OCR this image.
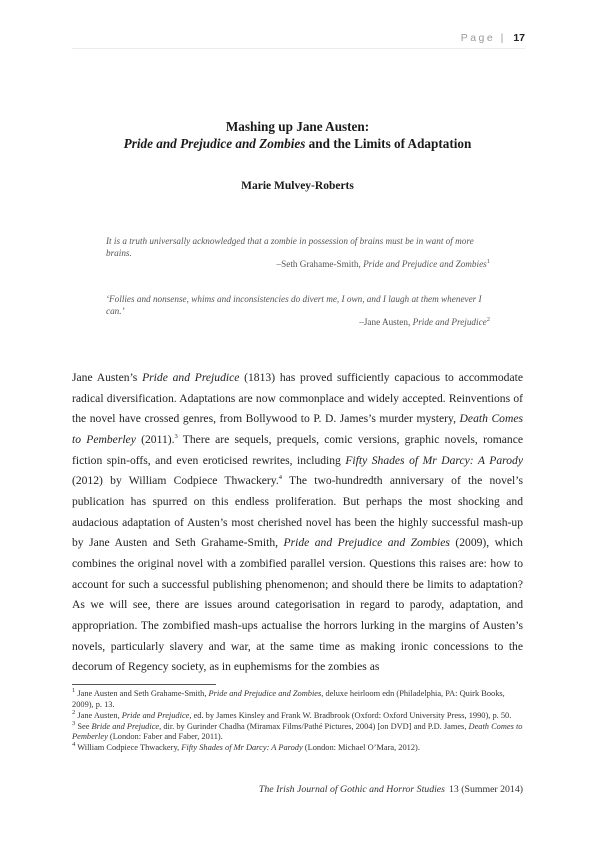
Page | 17
Mashing up Jane Austen:
Pride and Prejudice and Zombies and the Limits of Adaptation
Marie Mulvey-Roberts
It is a truth universally acknowledged that a zombie in possession of brains must be in want of more brains.
–Seth Grahame-Smith, Pride and Prejudice and Zombies$^1$
‘Follies and nonsense, whims and inconsistencies do divert me, I own, and I laugh at them whenever I can.’
–Jane Austen, Pride and Prejudice$^2$

Jane Austen’s Pride and Prejudice (1813) has proved sufficiently capacious to accommodate radical diversification. Adaptations are now commonplace and widely accepted. Reinventions of the novel have crossed genres, from Bollywood to P. D. James’s murder mystery, Death Comes to Pemberley (2011).$^3$ There are sequels, prequels, comic versions, graphic novels, romance fiction spin-offs, and even eroticised rewrites, including Fifty Shades of Mr Darcy: A Parody (2012) by William Codpiece Thwackery.$^4$ The two-hundredth anniversary of the novel’s publication has spurred on this endless proliferation. But perhaps the most shocking and audacious adaptation of Austen’s most cherished novel has been the highly successful mash-up by Jane Austen and Seth Grahame-Smith, Pride and Prejudice and Zombies (2009), which combines the original novel with a zombified parallel version. Questions this raises are: how to account for such a successful publishing phenomenon; and should there be limits to adaptation? As we will see, there are issues around categorisation in regard to parody, adaptation, and appropriation. The zombified mash-ups actualise the horrors lurking in the margins of Austen’s novels, particularly slavery and war, at the same time as making ironic concessions to the decorum of Regency society, as in euphemisms for the zombies as

$^1$ Jane Austen and Seth Grahame-Smith, Pride and Prejudice and Zombies, deluxe heirloom edn (Philadelphia, PA: Quirk Books, 2009), p. 13.

$^2$ Jane Austen, Pride and Prejudice, ed. by James Kinsley and Frank W. Bradbrook (Oxford: Oxford University Press, 1990), p. 50.

$^3$ See Bride and Prejudice, dir. by Gurinder Chadha (Miramax Films/Pathé Pictures, 2004) [on DVD] and P.D. James, Death Comes to Pemberley (London: Faber and Faber, 2011).

$^4$ William Codpiece Thwackery, Fifty Shades of Mr Darcy: A Parody (London: Michael O’Mara, 2012).

The Irish Journal of Gothic and Horror Studies 13 (Summer 2014)
